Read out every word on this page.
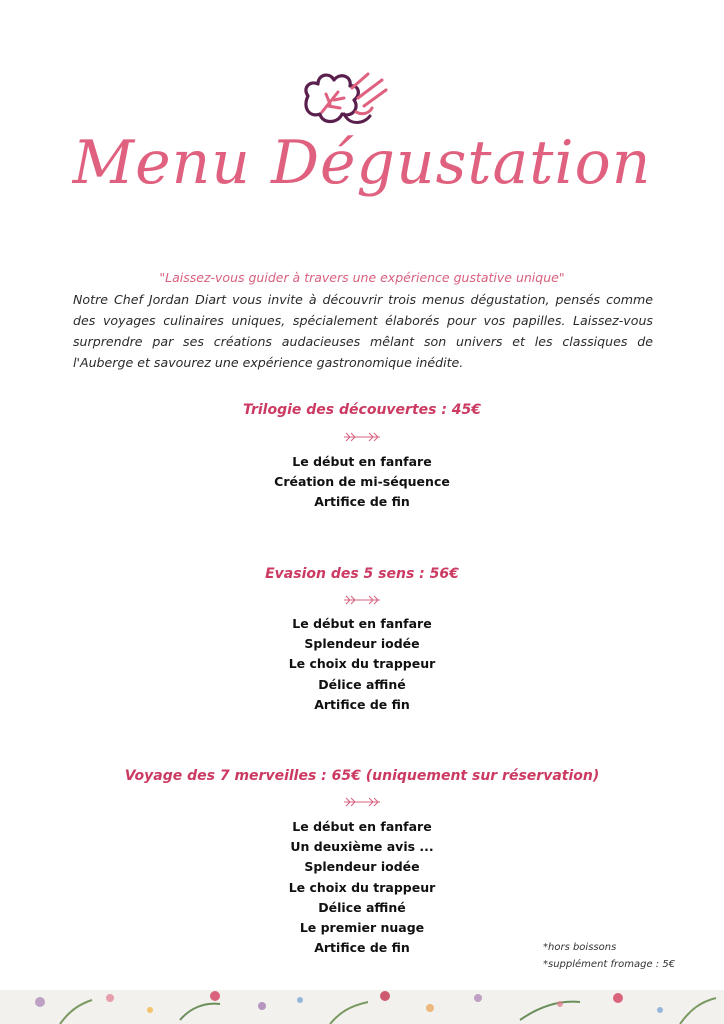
Menu Dégustation
"Laissez-vous guider à travers une expérience gustative unique"
Notre Chef Jordan Diart vous invite à découvrir trois menus dégustation, pensés comme des voyages culinaires uniques, spécialement élaborés pour vos papilles. Laissez-vous surprendre par ses créations audacieuses mêlant son univers et les classiques de l'Auberge et savourez une expérience gastronomique inédite.
Trilogie des découvertes : 45€
Le début en fanfare
Création de mi-séquence
Artifice de fin
Evasion des 5 sens : 56€
Le début en fanfare
Splendeur iodée
Le choix du trappeur
Délice affiné
Artifice de fin
Voyage des 7 merveilles : 65€ (uniquement sur réservation)
Le début en fanfare
Un deuxième avis ...
Splendeur iodée
Le choix du trappeur
Délice affiné
Le premier nuage
Artifice de fin	*hors boissons
*supplément fromage : 5€
